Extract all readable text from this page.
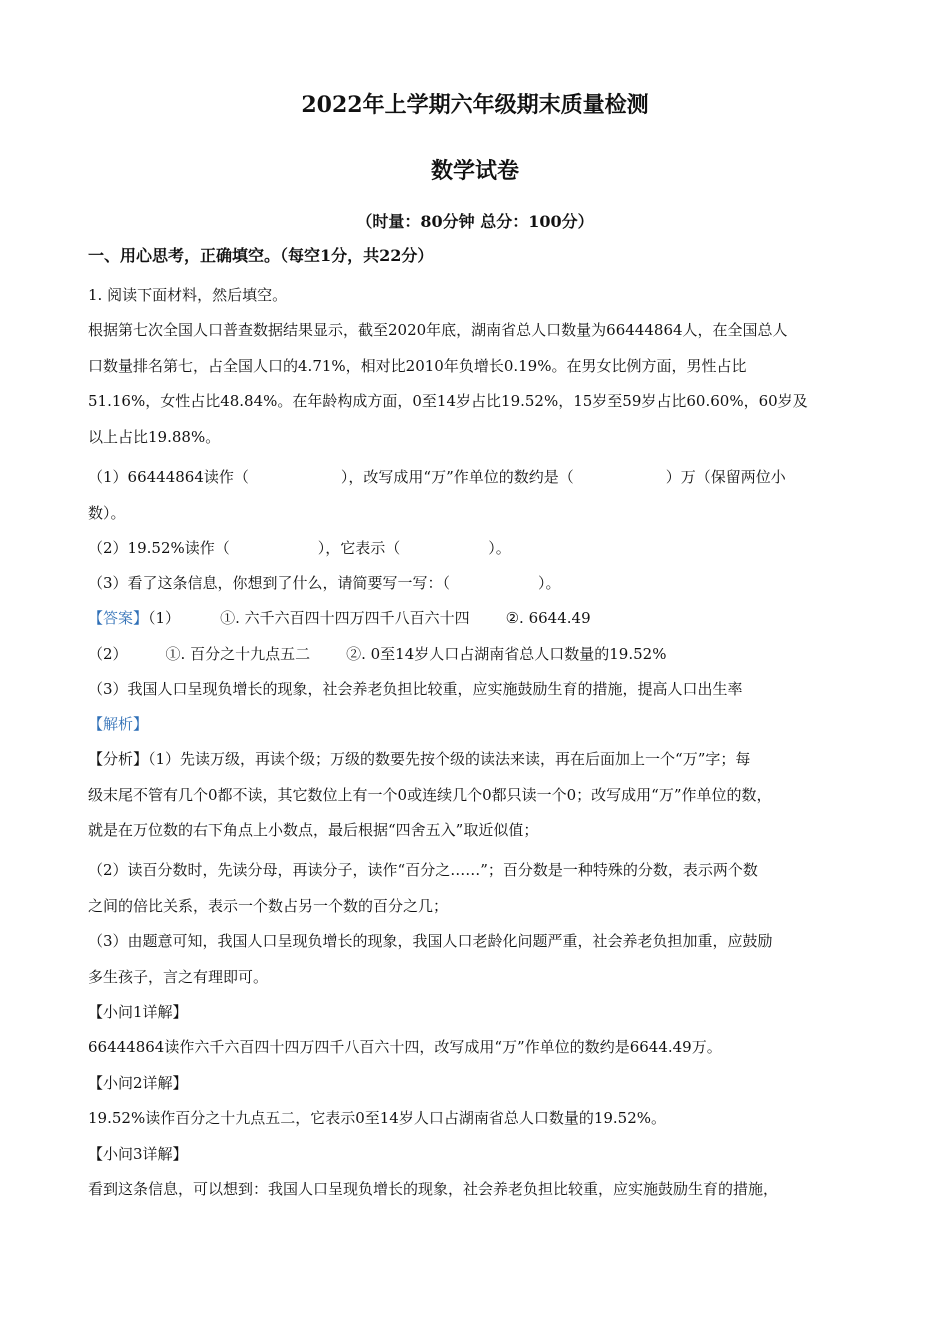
2022年上学期六年级期末质量检测
数学试卷
（时量：80分钟 总分：100分）
一、用心思考，正确填空。（每空1分，共22分）
1. 阅读下面材料，然后填空。
根据第七次全国人口普查数据结果显示，截至2020年底，湖南省总人口数量为66444864人，在全国总人
口数量排名第七，占全国人口的4.71%，相对比2010年负增长0.19%。在男女比例方面，男性占比
51.16%，女性占比48.84%。在年龄构成方面，0至14岁占比19.52%，15岁至59岁占比60.60%，60岁及
以上占比19.88%。
（1）66444864读作（	），改写成用“万”作单位的数约是（	）万（保留两位小
数）。
（2）19.52%读作（	），它表示（	）。
（3）看了这条信息，你想到了什么，请简要写一写：（	）。
【答案】（1）	①. 六千六百四十四万四千八百六十四 ②. 6644.49
（2）	①. 百分之十九点五二 ②. 0至14岁人口占湖南省总人口数量的19.52%
（3）我国人口呈现负增长的现象，社会养老负担比较重，应实施鼓励生育的措施，提高人口出生率
【解析】
【分析】（1）先读万级，再读个级；万级的数要先按个级的读法来读，再在后面加上一个“万”字；每
级末尾不管有几个0都不读，其它数位上有一个0或连续几个0都只读一个0；改写成用“万”作单位的数，
就是在万位数的右下角点上小数点，最后根据“四舍五入”取近似值；
（2）读百分数时，先读分母，再读分子，读作“百分之……”；百分数是一种特殊的分数，表示两个数
之间的倍比关系，表示一个数占另一个数的百分之几；
（3）由题意可知，我国人口呈现负增长的现象，我国人口老龄化问题严重，社会养老负担加重，应鼓励
多生孩子，言之有理即可。
【小问1详解】
66444864读作六千六百四十四万四千八百六十四，改写成用“万”作单位的数约是6644.49万。
【小问2详解】
19.52%读作百分之十九点五二，它表示0至14岁人口占湖南省总人口数量的19.52%。
【小问3详解】
看到这条信息，可以想到：我国人口呈现负增长的现象，社会养老负担比较重，应实施鼓励生育的措施，
